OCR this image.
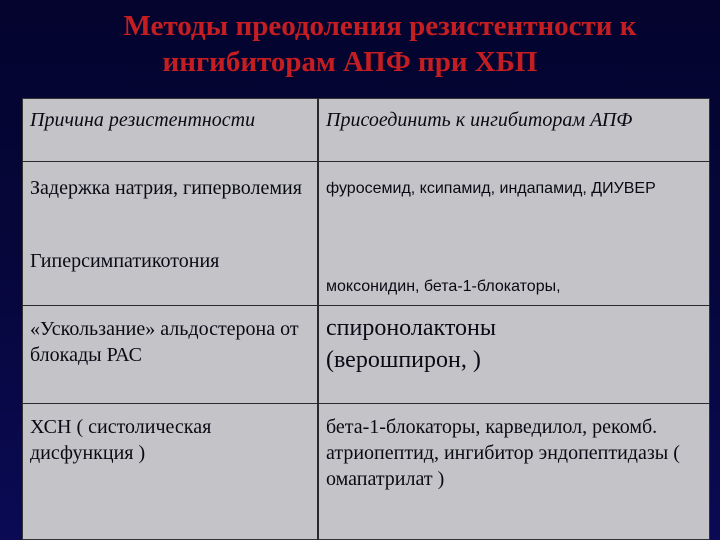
Методы преодоления резистентности к
ингибиторам АПФ при ХБП
Причина резистентности	Присоединить к ингибиторам АПФ
Задержка натрия, гиперволемия	фуросемид, ксипамид, индапамид, ДИУВЕР
Гиперсимпатикотония
моксонидин, бета-1-блокаторы,
«Ускользание» альдостерона от блокады РАС
спиронолактоны (верошпирон, )
ХСН ( систолическая дисфункция )
бета-1-блокаторы, карведилол, рекомб. атриопептид, ингибитор эндопептидазы ( омапатрилат )
